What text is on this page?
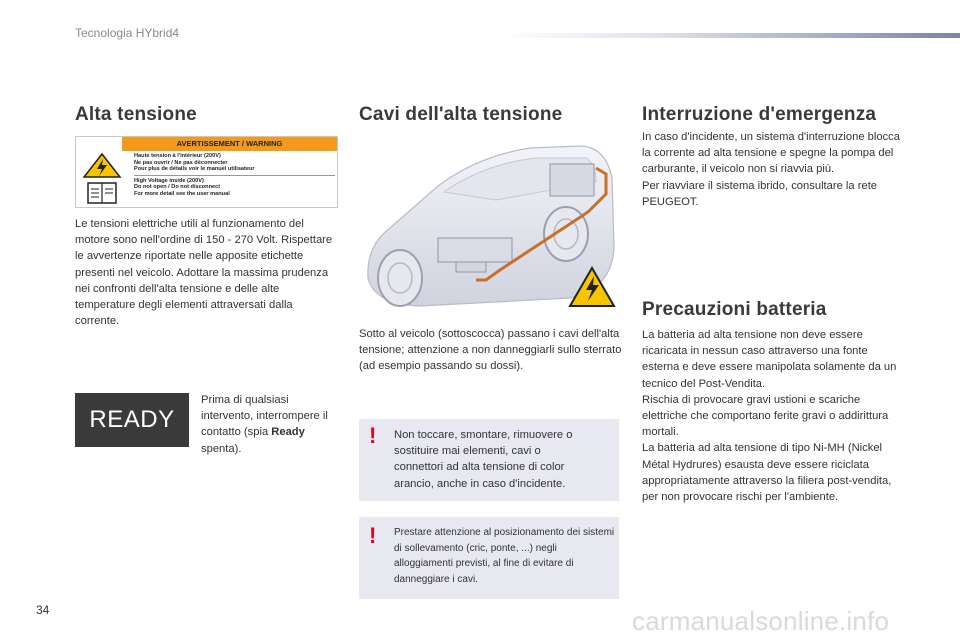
Tecnologia HYbrid4
Alta tensione
AVERTISSEMENT / WARNING
Haute tension à l'intérieur (200V)
Ne pas ouvrir / Ne pas déconnecter
Pour plus de détails voir le manuel utilisateur
High Voltage inside (200V)
Do not open / Do not disconnect
For more detail see the user manual

Le tensioni elettriche utili al funzionamento del motore sono nell'ordine di 150 - 270 Volt. Rispettare le avvertenze riportate nelle apposite etichette presenti nel veicolo. Adottare la massima prudenza nei confronti dell'alta tensione e delle alte temperature degli elementi attraversati dalla corrente.

READY

Prima di qualsiasi intervento, interrompere il contatto (spia Ready spenta).

Cavi dell'alta tensione

Sotto al veicolo (sottoscocca) passano i cavi dell'alta tensione; attenzione a non danneggiarli sullo sterrato (ad esempio passando su dossi).

! Non toccare, smontare, rimuovere o sostituire mai elementi, cavi o connettori ad alta tensione di color arancio, anche in caso d'incidente.
! Prestare attenzione al posizionamento dei sistemi di sollevamento (cric, ponte, ...) negli alloggiamenti previsti, al fine di evitare di danneggiare i cavi.
Interruzione d'emergenza

In caso d'incidente, un sistema d'interruzione blocca la corrente ad alta tensione e spegne la pompa del carburante, il veicolo non si riavvia più.
Per riavviare il sistema ibrido, consultare la rete PEUGEOT.

Precauzioni batteria

La batteria ad alta tensione non deve essere ricaricata in nessun caso attraverso una fonte esterna e deve essere manipolata solamente da un tecnico del Post-Vendita.
Rischia di provocare gravi ustioni e scariche elettriche che comportano ferite gravi o addirittura mortali.
La batteria ad alta tensione di tipo Ni-MH (Nickel Métal Hydrures) esausta deve essere riciclata appropriatamente attraverso la filiera post-vendita, per non provocare rischi per l'ambiente.

34	carmanualsonline.info
